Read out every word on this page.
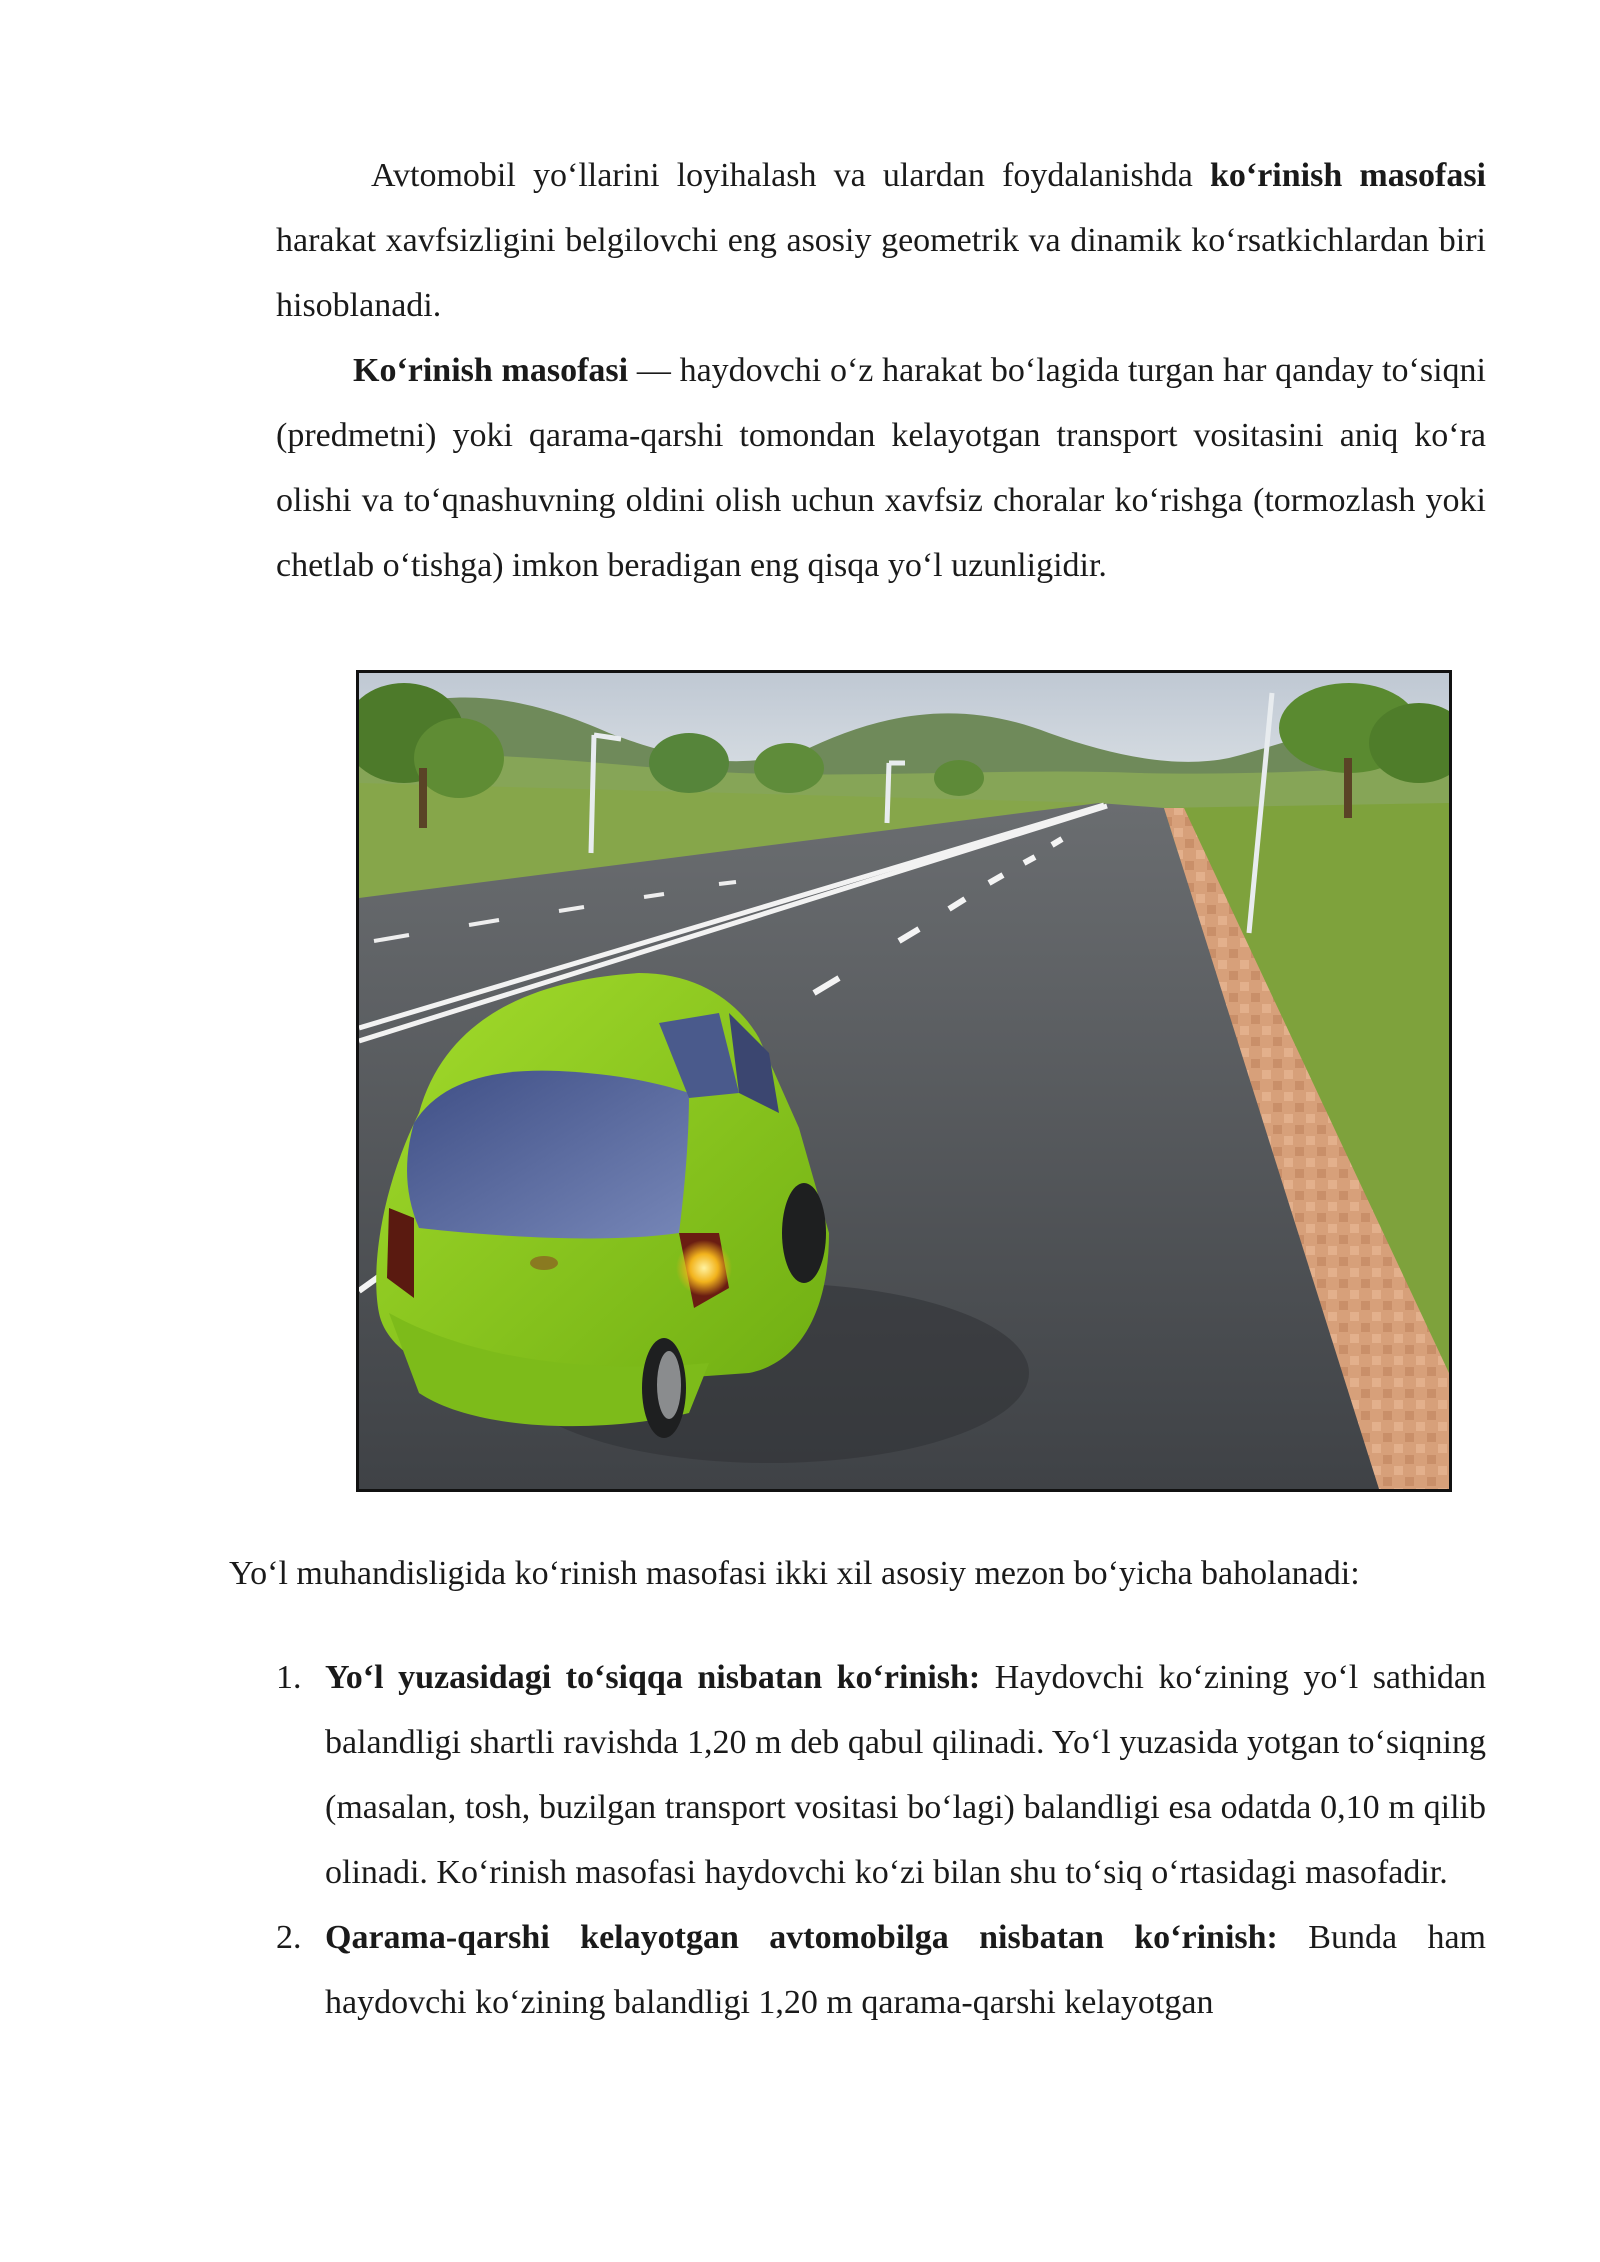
Avtomobil yo‘llarini loyihalash va ulardan foydalanishda ko‘rinish masofasi harakat xavfsizligini belgilovchi eng asosiy geometrik va dinamik ko‘rsatkichlardan biri hisoblanadi.

Ko‘rinish masofasi — haydovchi o‘z harakat bo‘lagida turgan har qanday to‘siqni (predmetni) yoki qarama-qarshi tomondan kelayotgan transport vositasini aniq ko‘ra olishi va to‘qnashuvning oldini olish uchun xavfsiz choralar ko‘rishga (tormozlash yoki chetlab o‘tishga) imkon beradigan eng qisqa yo‘l uzunligidir.

Yo‘l muhandisligida ko‘rinish masofasi ikki xil asosiy mezon bo‘yicha baholanadi:

1. Yo‘l yuzasidagi to‘siqqa nisbatan ko‘rinish: Haydovchi ko‘zining yo‘l sathidan balandligi shartli ravishda 1,20 m deb qabul qilinadi. Yo‘l yuzasida yotgan to‘siqning (masalan, tosh, buzilgan transport vositasi bo‘lagi) balandligi esa odatda 0,10 m qilib olinadi. Ko‘rinish masofasi haydovchi ko‘zi bilan shu to‘siq o‘rtasidagi masofadir.
2. Qarama-qarshi kelayotgan avtomobilga nisbatan ko‘rinish: Bunda ham haydovchi ko‘zining balandligi 1,20 m qarama-qarshi kelayotgan
